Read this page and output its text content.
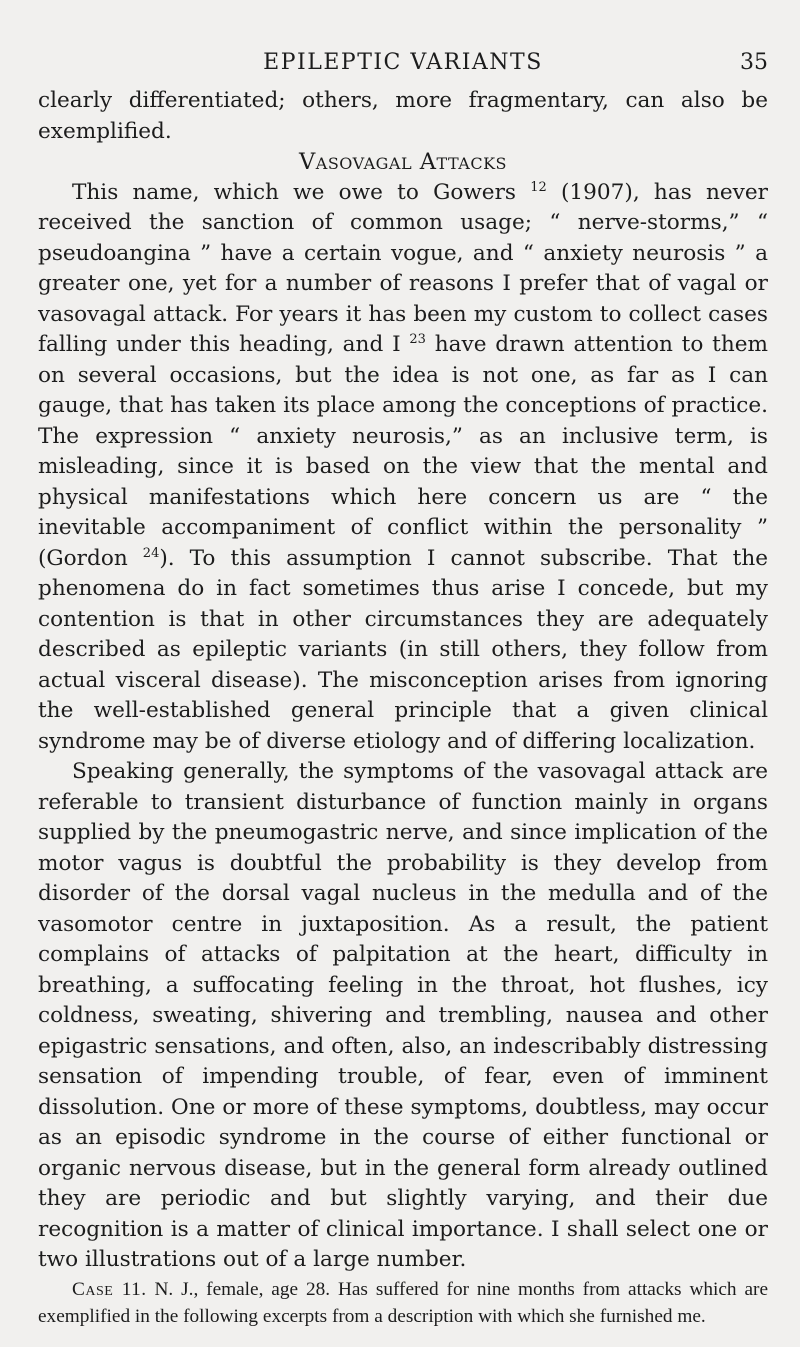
EPILEPTIC VARIANTS	35

clearly differentiated; others, more fragmentary, can also be exemplified.

Vasovagal Attacks

This name, which we owe to Gowers $^{12}$ (1907), has never received the sanction of common usage; “ nerve-storms,” “ pseudoangina ” have a certain vogue, and “ anxiety neurosis ” a greater one, yet for a number of reasons I prefer that of vagal or vasovagal attack. For years it has been my custom to collect cases falling under this heading, and I $^{23}$ have drawn attention to them on several occasions, but the idea is not one, as far as I can gauge, that has taken its place among the conceptions of practice. The expression “ anxiety neurosis,” as an inclusive term, is misleading, since it is based on the view that the mental and physical manifestations which here concern us are “ the inevitable accompaniment of conflict within the personality ” (Gordon $^{24}$). To this assumption I cannot subscribe. That the phenomena do in fact sometimes thus arise I concede, but my contention is that in other circumstances they are adequately described as epileptic variants (in still others, they follow from actual visceral disease). The misconception arises from ignoring the well-established general principle that a given clinical syndrome may be of diverse etiology and of differing localization.

Speaking generally, the symptoms of the vasovagal attack are referable to transient disturbance of function mainly in organs supplied by the pneumogastric nerve, and since implication of the motor vagus is doubtful the probability is they develop from disorder of the dorsal vagal nucleus in the medulla and of the vasomotor centre in juxtaposition. As a result, the patient complains of attacks of palpitation at the heart, difficulty in breathing, a suffocating feeling in the throat, hot flushes, icy coldness, sweating, shivering and trembling, nausea and other epigastric sensations, and often, also, an indescribably distressing sensation of impending trouble, of fear, even of imminent dissolution. One or more of these symptoms, doubtless, may occur as an episodic syndrome in the course of either functional or organic nervous disease, but in the general form already outlined they are periodic and but slightly varying, and their due recognition is a matter of clinical importance. I shall select one or two illustrations out of a large number.

Case 11. N. J., female, age 28. Has suffered for nine months from attacks which are exemplified in the following excerpts from a description with which she furnished me.
